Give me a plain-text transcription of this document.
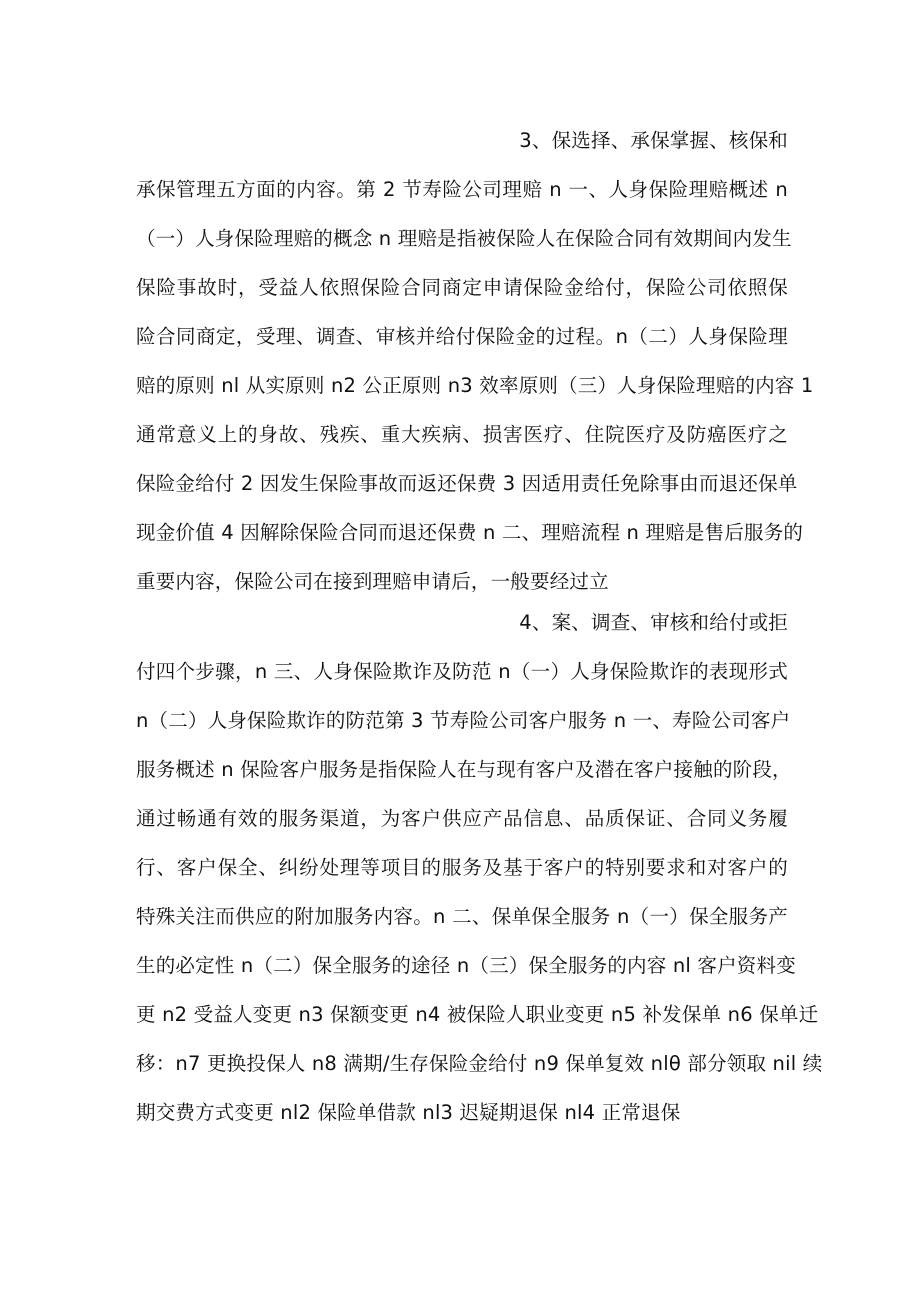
3、保选择、承保掌握、核保和
承保管理五方面的内容。第 2 节寿险公司理赔 n 一、人身保险理赔概述 n
（一）人身保险理赔的概念 n 理赔是指被保险人在保险合同有效期间内发生
保险事故时，受益人依照保险合同商定申请保险金给付，保险公司依照保
险合同商定，受理、调查、审核并给付保险金的过程。n（二）人身保险理
赔的原则 nl 从实原则 n2 公正原则 n3 效率原则（三）人身保险理赔的内容 1
通常意义上的身故、残疾、重大疾病、损害医疗、住院医疗及防癌医疗之
保险金给付 2 因发生保险事故而返还保费 3 因适用责任免除事由而退还保单
现金价值 4 因解除保险合同而退还保费 n 二、理赔流程 n 理赔是售后服务的
重要内容，保险公司在接到理赔申请后，一般要经过立
4、案、调查、审核和给付或拒
付四个步骤，n 三、人身保险欺诈及防范 n（一）人身保险欺诈的表现形式
n（二）人身保险欺诈的防范第 3 节寿险公司客户服务 n 一、寿险公司客户
服务概述 n 保险客户服务是指保险人在与现有客户及潜在客户接触的阶段，
通过畅通有效的服务渠道，为客户供应产品信息、品质保证、合同义务履
行、客户保全、纠纷处理等项目的服务及基于客户的特别要求和对客户的
特殊关注而供应的附加服务内容。n 二、保单保全服务 n（一）保全服务产
生的必定性 n（二）保全服务的途径 n（三）保全服务的内容 nl 客户资料变
更 n2 受益人变更 n3 保额变更 n4 被保险人职业变更 n5 补发保单 n6 保单迁
移：n7 更换投保人 n8 满期/生存保险金给付 n9 保单复效 nlθ 部分领取 nil 续
期交费方式变更 nl2 保险单借款 nl3 迟疑期退保 nl4 正常退保
